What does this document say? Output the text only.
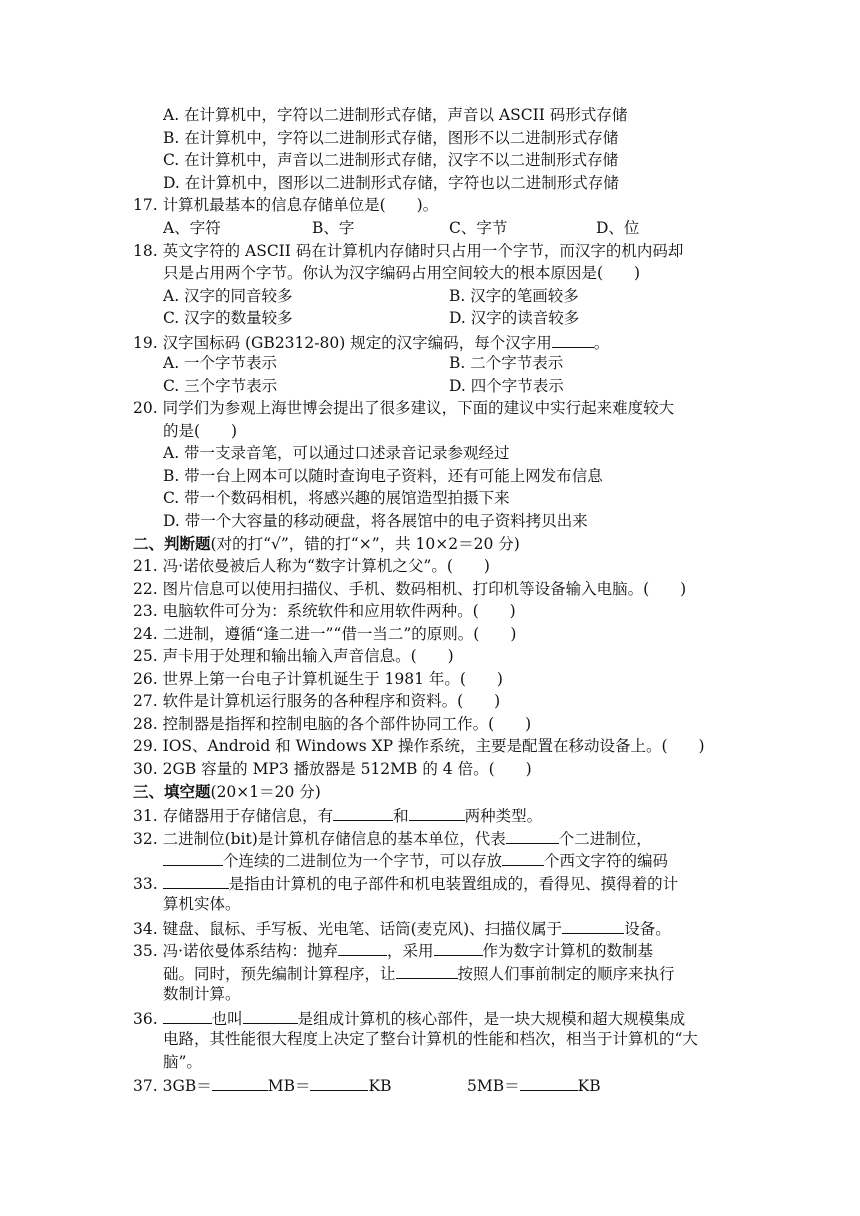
A. 在计算机中，字符以二进制形式存储，声音以 ASCII 码形式存储
B. 在计算机中，字符以二进制形式存储，图形不以二进制形式存储
C. 在计算机中，声音以二进制形式存储，汉字不以二进制形式存储
D. 在计算机中，图形以二进制形式存储，字符也以二进制形式存储
17. 计算机最基本的信息存储单位是(　　)。
A、字符	B、字	C、字节	D、位
18. 英文字符的 ASCII 码在计算机内存储时只占用一个字节，而汉字的机内码却
只是占用两个字节。你认为汉字编码占用空间较大的根本原因是(　　)
A. 汉字的同音较多	B. 汉字的笔画较多
C. 汉字的数量较多	D. 汉字的读音较多
19. 汉字国标码 (GB2312-80) 规定的汉字编码，每个汉字用	。
A. 一个字节表示	B. 二个字节表示
C. 三个字节表示	D. 四个字节表示
20. 同学们为参观上海世博会提出了很多建议，下面的建议中实行起来难度较大
的是(　　)
A. 带一支录音笔，可以通过口述录音记录参观经过
B. 带一台上网本可以随时查询电子资料，还有可能上网发布信息
C. 带一个数码相机，将感兴趣的展馆造型拍摄下来
D. 带一个大容量的移动硬盘，将各展馆中的电子资料拷贝出来
二、判断题(对的打“√”，错的打“×”，共 10×2＝20 分)
21. 冯·诺依曼被后人称为“数字计算机之父”。(　　)
22. 图片信息可以使用扫描仪、手机、数码相机、打印机等设备输入电脑。(　　)
23. 电脑软件可分为：系统软件和应用软件两种。(　　)
24. 二进制，遵循“逢二进一”“借一当二”的原则。(　　)
25. 声卡用于处理和输出输入声音信息。(　　)
26. 世界上第一台电子计算机诞生于 1981 年。(　　)
27. 软件是计算机运行服务的各种程序和资料。(　　)
28. 控制器是指挥和控制电脑的各个部件协同工作。(　　)
29. IOS、Android 和 Windows XP 操作系统，主要是配置在移动设备上。(　　)
30. 2GB 容量的 MP3 播放器是 512MB 的 4 倍。(　　)
三、填空题(20×1＝20 分)
31. 存储器用于存储信息，有	和	两种类型。
32. 二进制位(bit)是计算机存储信息的基本单位，代表	个二进制位，
个连续的二进制位为一个字节，可以存放	个西文字符的编码
33.	是指由计算机的电子部件和机电装置组成的，看得见、摸得着的计
算机实体。
34. 键盘、鼠标、手写板、光电笔、话筒(麦克风)、扫描仪属于	设备。
35. 冯·诺依曼体系结构：抛弃	，采用	作为数字计算机的数制基
础。同时，预先编制计算程序，让	按照人们事前制定的顺序来执行
数制计算。
36.	也叫	是组成计算机的核心部件，是一块大规模和超大规模集成
电路，其性能很大程度上决定了整台计算机的性能和档次，相当于计算机的“大
脑”。
37. 3GB＝	MB＝	KB	5MB＝	KB
